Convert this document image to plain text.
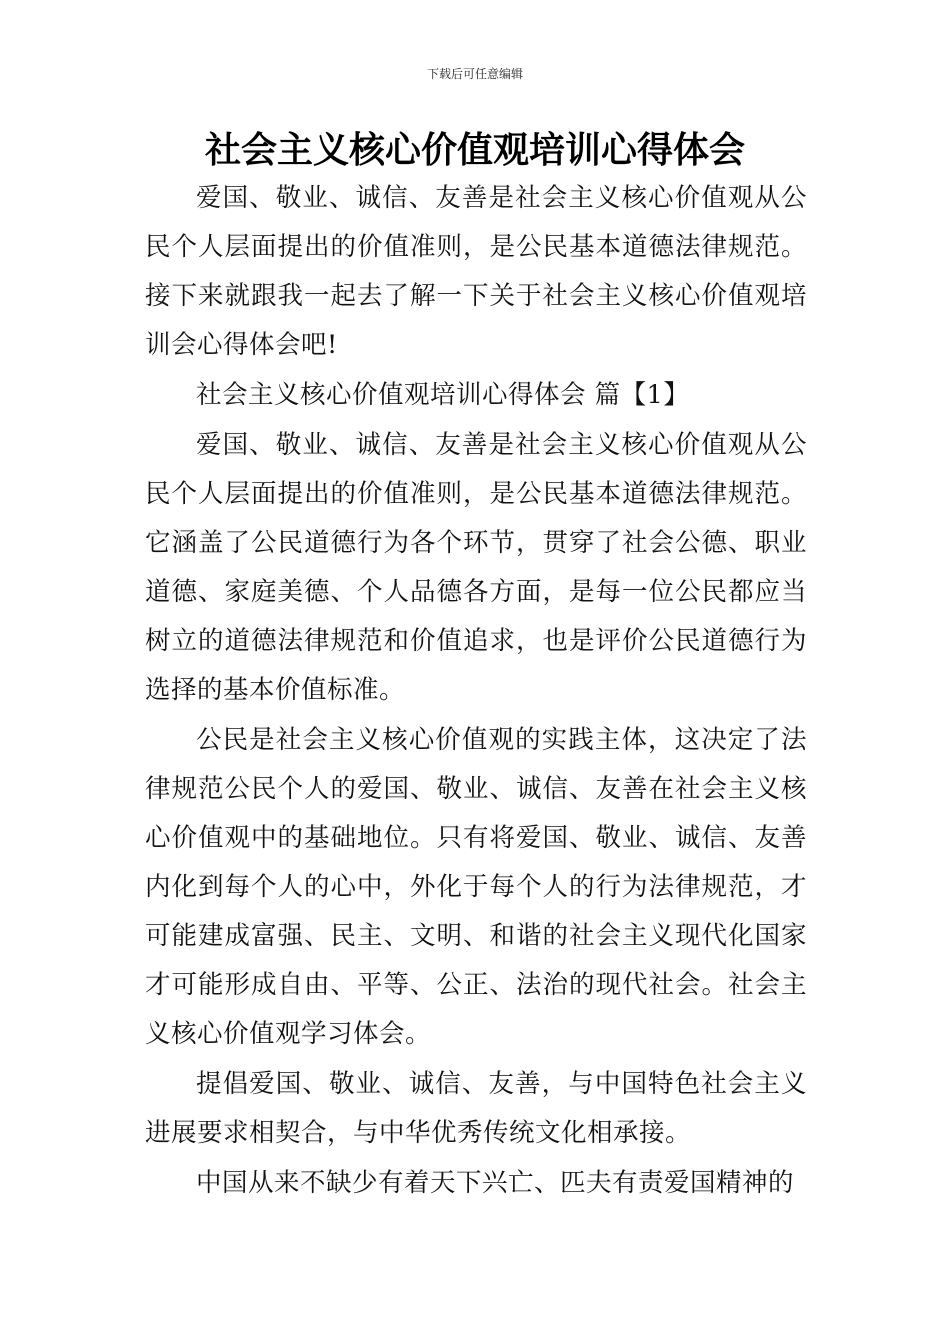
下载后可任意编辑
社会主义核心价值观培训心得体会

爱国、敬业、诚信、友善是社会主义核心价值观从公民个人层面提出的价值准则，是公民基本道德法律规范。接下来就跟我一起去了解一下关于社会主义核心价值观培训会心得体会吧!

社会主义核心价值观培训心得体会 篇【1】

爱国、敬业、诚信、友善是社会主义核心价值观从公民个人层面提出的价值准则，是公民基本道德法律规范。它涵盖了公民道德行为各个环节，贯穿了社会公德、职业道德、家庭美德、个人品德各方面，是每一位公民都应当树立的道德法律规范和价值追求，也是评价公民道德行为选择的基本价值标准。

公民是社会主义核心价值观的实践主体，这决定了法律规范公民个人的爱国、敬业、诚信、友善在社会主义核心价值观中的基础地位。只有将爱国、敬业、诚信、友善内化到每个人的心中，外化于每个人的行为法律规范，才可能建成富强、民主、文明、和谐的社会主义现代化国家才可能形成自由、平等、公正、法治的现代社会。社会主义核心价值观学习体会。

提倡爱国、敬业、诚信、友善，与中国特色社会主义进展要求相契合，与中华优秀传统文化相承接。

中国从来不缺少有着天下兴亡、匹夫有责爱国精神的
